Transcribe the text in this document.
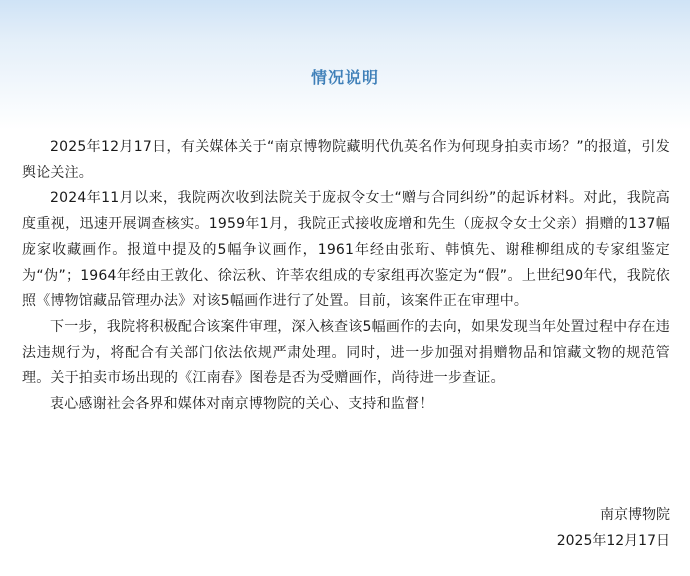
情况说明

2025年12月17日，有关媒体关于“南京博物院藏明代仇英名作为何现身拍卖市场？”的报道，引发舆论关注。

2024年11月以来，我院两次收到法院关于庞叔令女士“赠与合同纠纷”的起诉材料。对此，我院高度重视，迅速开展调查核实。1959年1月，我院正式接收庞增和先生（庞叔令女士父亲）捐赠的137幅庞家收藏画作。报道中提及的5幅争议画作，1961年经由张珩、韩慎先、谢稚柳组成的专家组鉴定为“伪”；1964年经由王敦化、徐沄秋、许莘农组成的专家组再次鉴定为“假”。上世纪90年代，我院依照《博物馆藏品管理办法》对该5幅画作进行了处置。目前，该案件正在审理中。

下一步，我院将积极配合该案件审理，深入核查该5幅画作的去向，如果发现当年处置过程中存在违法违规行为，将配合有关部门依法依规严肃处理。同时，进一步加强对捐赠物品和馆藏文物的规范管理。关于拍卖市场出现的《江南春》图卷是否为受赠画作，尚待进一步查证。

衷心感谢社会各界和媒体对南京博物院的关心、支持和监督！

南京博物院
2025年12月17日
